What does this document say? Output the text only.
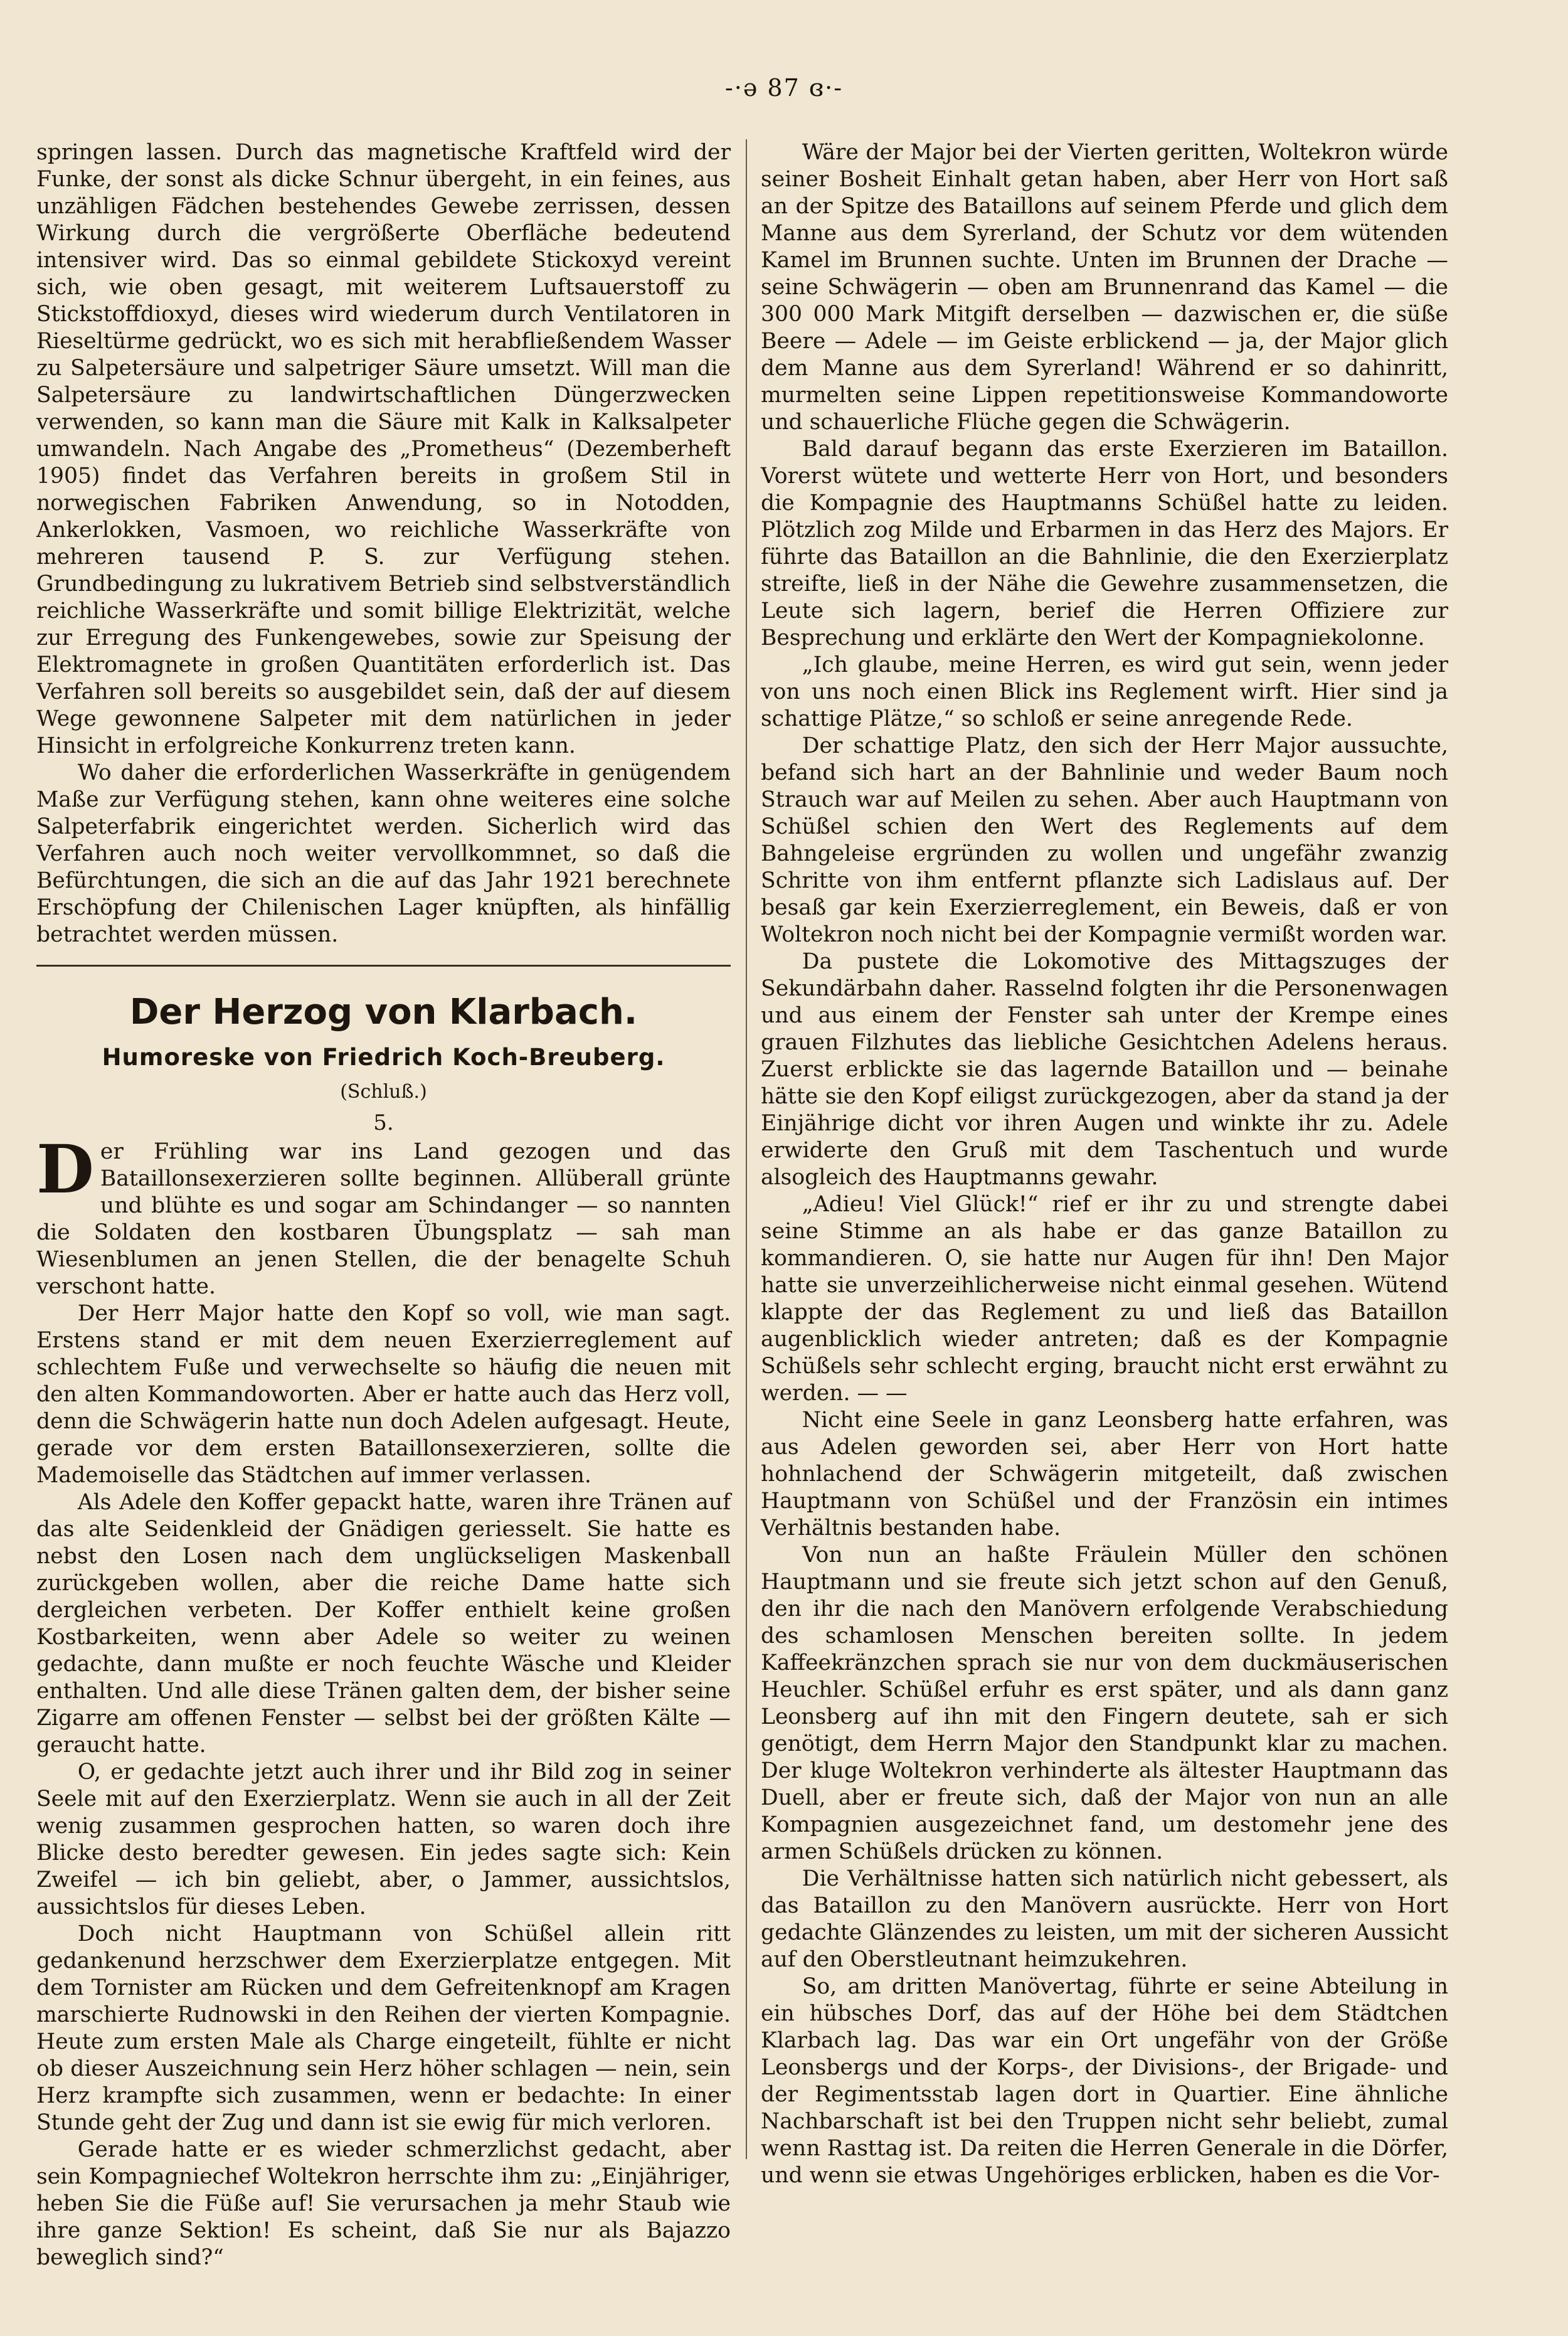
-·ə 87 ɞ·-

springen lassen. Durch das magnetische Kraftfeld wird der Funke, der sonst als dicke Schnur übergeht, in ein feines, aus unzähligen Fädchen bestehendes Gewebe zerrissen, dessen Wirkung durch die vergrößerte Oberfläche bedeutend intensiver wird. Das so einmal gebildete Stickoxyd vereint sich, wie oben gesagt, mit weiterem Luftsauerstoff zu Stickstoffdioxyd, dieses wird wiederum durch Ventilatoren in Rieseltürme gedrückt, wo es sich mit herabfließendem Wasser zu Salpetersäure und salpetriger Säure umsetzt. Will man die Salpetersäure zu landwirtschaftlichen Düngerzwecken verwenden, so kann man die Säure mit Kalk in Kalksalpeter umwandeln. Nach Angabe des „Prometheus“ (Dezemberheft 1905) findet das Verfahren bereits in großem Stil in norwegischen Fabriken Anwendung, so in Notodden, Ankerlokken, Vasmoen, wo reichliche Wasserkräfte von mehreren tausend P. S. zur Verfügung stehen. Grundbedingung zu lukrativem Betrieb sind selbstverständlich reichliche Wasserkräfte und somit billige Elektrizität, welche zur Erregung des Funkengewebes, sowie zur Speisung der Elektromagnete in großen Quantitäten erforderlich ist. Das Verfahren soll bereits so ausgebildet sein, daß der auf diesem Wege gewonnene Salpeter mit dem natürlichen in jeder Hinsicht in erfolgreiche Konkurrenz treten kann.

Wo daher die erforderlichen Wasserkräfte in genügendem Maße zur Verfügung stehen, kann ohne weiteres eine solche Salpeterfabrik eingerichtet werden. Sicherlich wird das Verfahren auch noch weiter vervollkommnet, so daß die Befürchtungen, die sich an die auf das Jahr 1921 berechnete Erschöpfung der Chilenischen Lager knüpften, als hinfällig betrachtet werden müssen.

Der Herzog von Klarbach.
Humoreske von Friedrich Koch-Breuberg.
(Schluß.)
5.

Der Frühling war ins Land gezogen und das Bataillonsexerzieren sollte beginnen. Allüberall grünte und blühte es und sogar am Schindanger — so nannten die Soldaten den kostbaren Übungsplatz — sah man Wiesenblumen an jenen Stellen, die der benagelte Schuh verschont hatte.

Der Herr Major hatte den Kopf so voll, wie man sagt. Erstens stand er mit dem neuen Exerzierreglement auf schlechtem Fuße und verwechselte so häufig die neuen mit den alten Kommandoworten. Aber er hatte auch das Herz voll, denn die Schwägerin hatte nun doch Adelen aufgesagt. Heute, gerade vor dem ersten Bataillonsexerzieren, sollte die Mademoiselle das Städtchen auf immer verlassen.

Als Adele den Koffer gepackt hatte, waren ihre Tränen auf das alte Seidenkleid der Gnädigen geriesselt. Sie hatte es nebst den Losen nach dem unglückseligen Maskenball zurückgeben wollen, aber die reiche Dame hatte sich dergleichen verbeten. Der Koffer enthielt keine großen Kostbarkeiten, wenn aber Adele so weiter zu weinen gedachte, dann mußte er noch feuchte Wäsche und Kleider enthalten. Und alle diese Tränen galten dem, der bisher seine Zigarre am offenen Fenster — selbst bei der größten Kälte — geraucht hatte.

O, er gedachte jetzt auch ihrer und ihr Bild zog in seiner Seele mit auf den Exerzierplatz. Wenn sie auch in all der Zeit wenig zusammen gesprochen hatten, so waren doch ihre Blicke desto beredter gewesen. Ein jedes sagte sich: Kein Zweifel — ich bin geliebt, aber, o Jammer, aussichtslos, aussichtslos für dieses Leben.

Doch nicht Hauptmann von Schüßel allein ritt gedankenund herzschwer dem Exerzierplatze entgegen. Mit dem Tornister am Rücken und dem Gefreitenknopf am Kragen marschierte Rudnowski in den Reihen der vierten Kompagnie. Heute zum ersten Male als Charge eingeteilt, fühlte er nicht ob dieser Auszeichnung sein Herz höher schlagen — nein, sein Herz krampfte sich zusammen, wenn er bedachte: In einer Stunde geht der Zug und dann ist sie ewig für mich verloren.

Gerade hatte er es wieder schmerzlichst gedacht, aber sein Kompagniechef Woltekron herrschte ihm zu: „Einjähriger, heben Sie die Füße auf! Sie verursachen ja mehr Staub wie ihre ganze Sektion! Es scheint, daß Sie nur als Bajazzo beweglich sind?“

Wäre der Major bei der Vierten geritten, Woltekron würde seiner Bosheit Einhalt getan haben, aber Herr von Hort saß an der Spitze des Bataillons auf seinem Pferde und glich dem Manne aus dem Syrerland, der Schutz vor dem wütenden Kamel im Brunnen suchte. Unten im Brunnen der Drache — seine Schwägerin — oben am Brunnenrand das Kamel — die 300 000 Mark Mitgift derselben — dazwischen er, die süße Beere — Adele — im Geiste erblickend — ja, der Major glich dem Manne aus dem Syrerland! Während er so dahinritt, murmelten seine Lippen repetitionsweise Kommandoworte und schauerliche Flüche gegen die Schwägerin.

Bald darauf begann das erste Exerzieren im Bataillon. Vorerst wütete und wetterte Herr von Hort, und besonders die Kompagnie des Hauptmanns Schüßel hatte zu leiden. Plötzlich zog Milde und Erbarmen in das Herz des Majors. Er führte das Bataillon an die Bahnlinie, die den Exerzierplatz streifte, ließ in der Nähe die Gewehre zusammensetzen, die Leute sich lagern, berief die Herren Offiziere zur Besprechung und erklärte den Wert der Kompagniekolonne.

„Ich glaube, meine Herren, es wird gut sein, wenn jeder von uns noch einen Blick ins Reglement wirft. Hier sind ja schattige Plätze,“ so schloß er seine anregende Rede.

Der schattige Platz, den sich der Herr Major aussuchte, befand sich hart an der Bahnlinie und weder Baum noch Strauch war auf Meilen zu sehen. Aber auch Hauptmann von Schüßel schien den Wert des Reglements auf dem Bahngeleise ergründen zu wollen und ungefähr zwanzig Schritte von ihm entfernt pflanzte sich Ladislaus auf. Der besaß gar kein Exerzierreglement, ein Beweis, daß er von Woltekron noch nicht bei der Kompagnie vermißt worden war.

Da pustete die Lokomotive des Mittagszuges der Sekundärbahn daher. Rasselnd folgten ihr die Personenwagen und aus einem der Fenster sah unter der Krempe eines grauen Filzhutes das liebliche Gesichtchen Adelens heraus. Zuerst erblickte sie das lagernde Bataillon und — beinahe hätte sie den Kopf eiligst zurückgezogen, aber da stand ja der Einjährige dicht vor ihren Augen und winkte ihr zu. Adele erwiderte den Gruß mit dem Taschentuch und wurde alsogleich des Hauptmanns gewahr.

„Adieu! Viel Glück!“ rief er ihr zu und strengte dabei seine Stimme an als habe er das ganze Bataillon zu kommandieren. O, sie hatte nur Augen für ihn! Den Major hatte sie unverzeihlicherweise nicht einmal gesehen. Wütend klappte der das Reglement zu und ließ das Bataillon augenblicklich wieder antreten; daß es der Kompagnie Schüßels sehr schlecht erging, braucht nicht erst erwähnt zu werden. — —

Nicht eine Seele in ganz Leonsberg hatte erfahren, was aus Adelen geworden sei, aber Herr von Hort hatte hohnlachend der Schwägerin mitgeteilt, daß zwischen Hauptmann von Schüßel und der Französin ein intimes Verhältnis bestanden habe.

Von nun an haßte Fräulein Müller den schönen Hauptmann und sie freute sich jetzt schon auf den Genuß, den ihr die nach den Manövern erfolgende Verabschiedung des schamlosen Menschen bereiten sollte. In jedem Kaffeekränzchen sprach sie nur von dem duckmäuserischen Heuchler. Schüßel erfuhr es erst später, und als dann ganz Leonsberg auf ihn mit den Fingern deutete, sah er sich genötigt, dem Herrn Major den Standpunkt klar zu machen. Der kluge Woltekron verhinderte als ältester Hauptmann das Duell, aber er freute sich, daß der Major von nun an alle Kompagnien ausgezeichnet fand, um destomehr jene des armen Schüßels drücken zu können.

Die Verhältnisse hatten sich natürlich nicht gebessert, als das Bataillon zu den Manövern ausrückte. Herr von Hort gedachte Glänzendes zu leisten, um mit der sicheren Aussicht auf den Oberstleutnant heimzukehren.

So, am dritten Manövertag, führte er seine Abteilung in ein hübsches Dorf, das auf der Höhe bei dem Städtchen Klarbach lag. Das war ein Ort ungefähr von der Größe Leonsbergs und der Korps-, der Divisions-, der Brigade- und der Regimentsstab lagen dort in Quartier. Eine ähnliche Nachbarschaft ist bei den Truppen nicht sehr beliebt, zumal wenn Rasttag ist. Da reiten die Herren Generale in die Dörfer, und wenn sie etwas Ungehöriges erblicken, haben es die Vor-
